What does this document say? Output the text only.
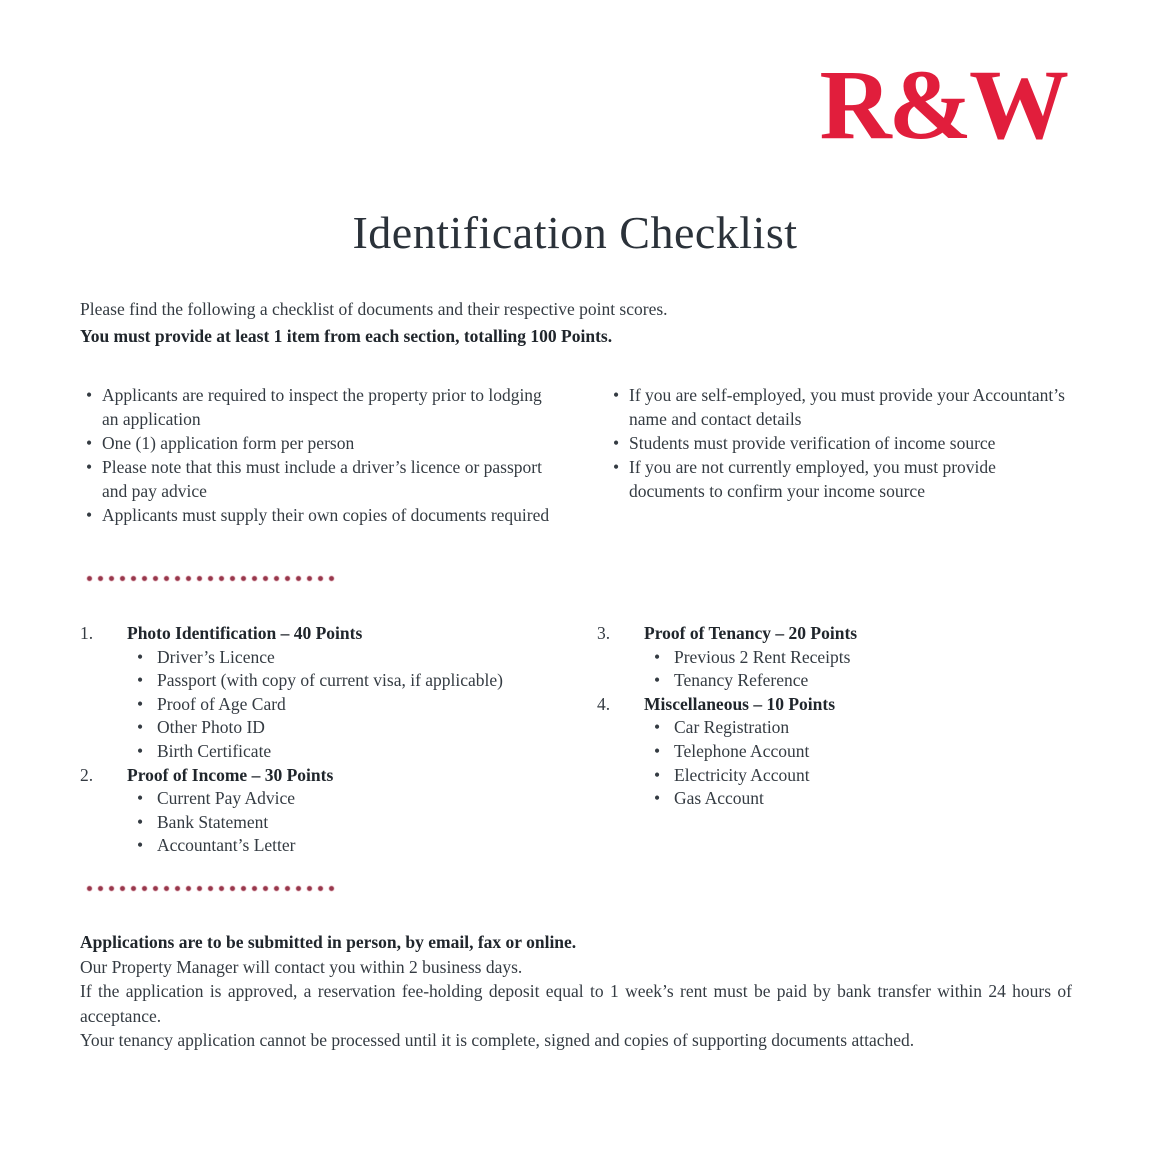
R&W
Identification Checklist
Please find the following a checklist of documents and their respective point scores.
You must provide at least 1 item from each section, totalling 100 Points.
• Applicants are required to inspect the property prior to lodging an application
• One (1) application form per person
• Please note that this must include a driver’s licence or passport and pay advice
• Applicants must supply their own copies of documents required
• If you are self-employed, you must provide your Accountant’s name and contact details
• Students must provide verification of income source
• If you are not currently employed, you must provide documents to confirm your income source
1.	Photo Identification – 40 Points
• Driver’s Licence
• Passport (with copy of current visa, if applicable)
• Proof of Age Card
• Other Photo ID
• Birth Certificate
2.	Proof of Income – 30 Points
• Current Pay Advice
• Bank Statement
• Accountant’s Letter
3.	Proof of Tenancy – 20 Points
• Previous 2 Rent Receipts
• Tenancy Reference
4.	Miscellaneous – 10 Points
• Car Registration
• Telephone Account
• Electricity Account
• Gas Account
Applications are to be submitted in person, by email, fax or online.
Our Property Manager will contact you within 2 business days.
If the application is approved, a reservation fee-holding deposit equal to 1 week’s rent must be paid by bank transfer within 24 hours of acceptance.
Your tenancy application cannot be processed until it is complete, signed and copies of supporting documents attached.
